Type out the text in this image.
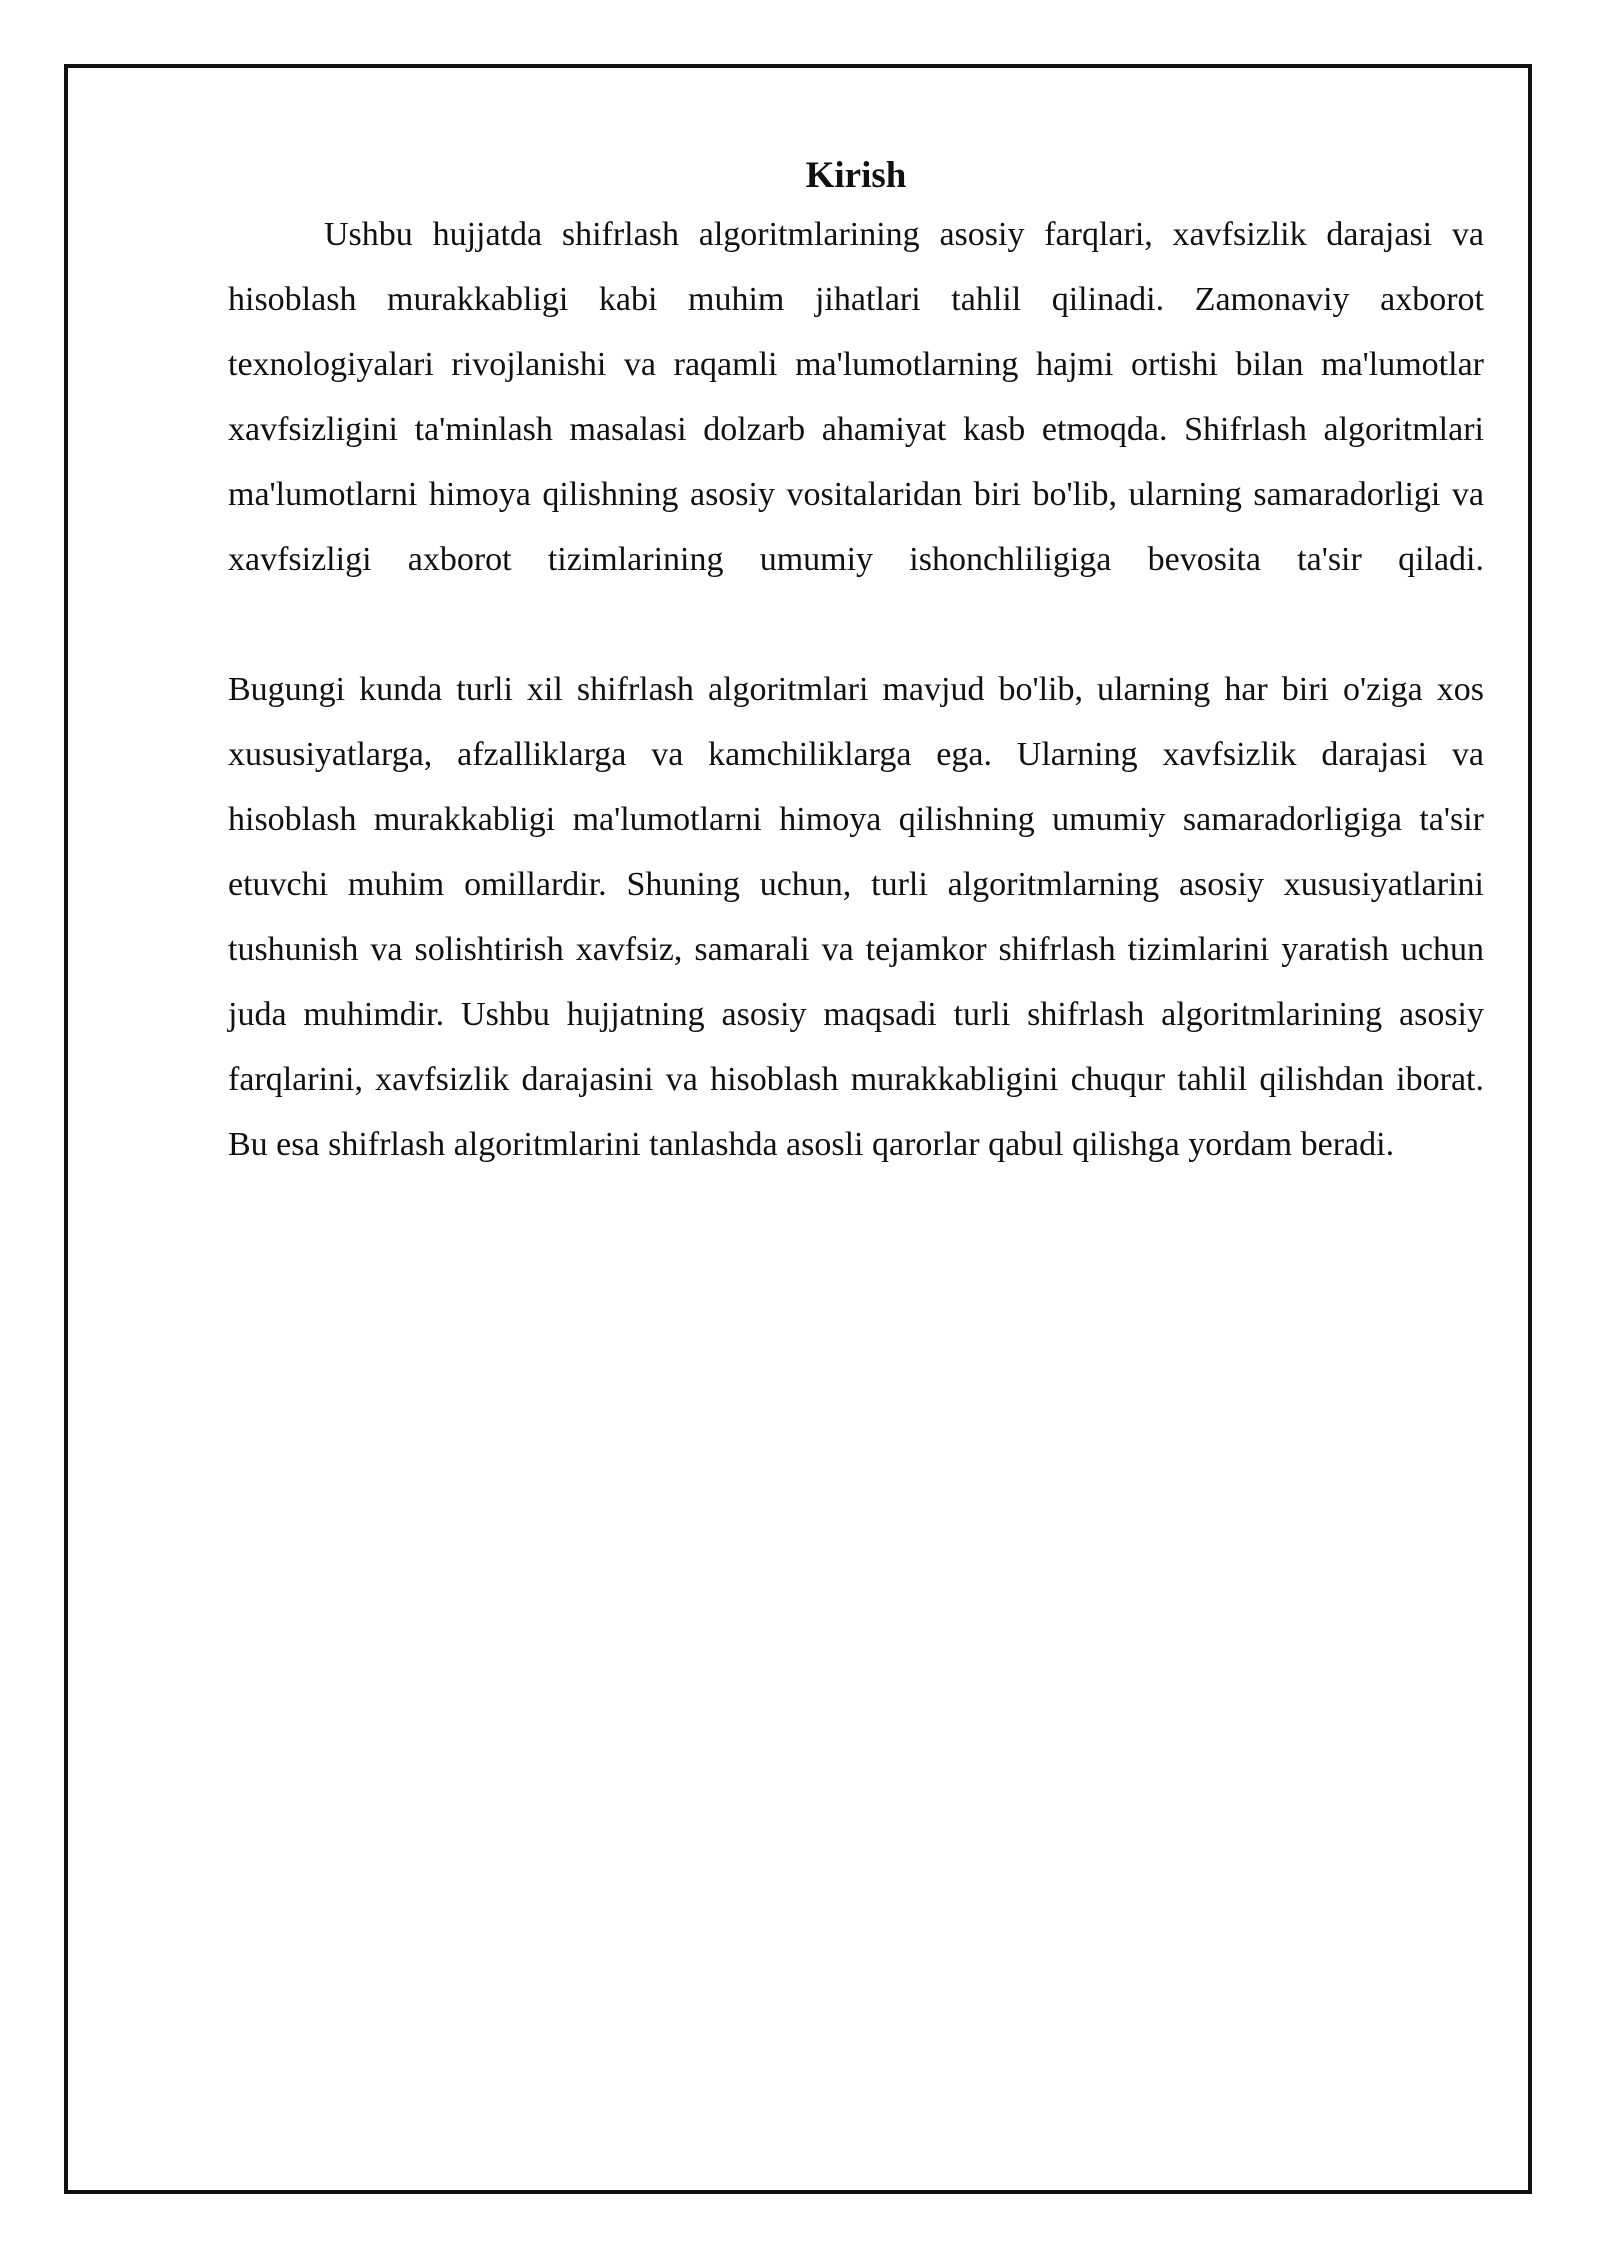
Kirish

Ushbu hujjatda shifrlash algoritmlarining asosiy farqlari, xavfsizlik darajasi va hisoblash murakkabligi kabi muhim jihatlari tahlil qilinadi. Zamonaviy axborot texnologiyalari rivojlanishi va raqamli ma'lumotlarning hajmi ortishi bilan ma'lumotlar xavfsizligini ta'minlash masalasi dolzarb ahamiyat kasb etmoqda. Shifrlash algoritmlari ma'lumotlarni himoya qilishning asosiy vositalaridan biri bo'lib, ularning samaradorligi va xavfsizligi axborot tizimlarining umumiy ishonchliligiga bevosita ta'sir qiladi.

Bugungi kunda turli xil shifrlash algoritmlari mavjud bo'lib, ularning har biri o'ziga xos xususiyatlarga, afzalliklarga va kamchiliklarga ega. Ularning xavfsizlik darajasi va hisoblash murakkabligi ma'lumotlarni himoya qilishning umumiy samaradorligiga ta'sir etuvchi muhim omillardir. Shuning uchun, turli algoritmlarning asosiy xususiyatlarini tushunish va solishtirish xavfsiz, samarali va tejamkor shifrlash tizimlarini yaratish uchun juda muhimdir. Ushbu hujjatning asosiy maqsadi turli shifrlash algoritmlarining asosiy farqlarini, xavfsizlik darajasini va hisoblash murakkabligini chuqur tahlil qilishdan iborat. Bu esa shifrlash algoritmlarini tanlashda asosli qarorlar qabul qilishga yordam beradi.
